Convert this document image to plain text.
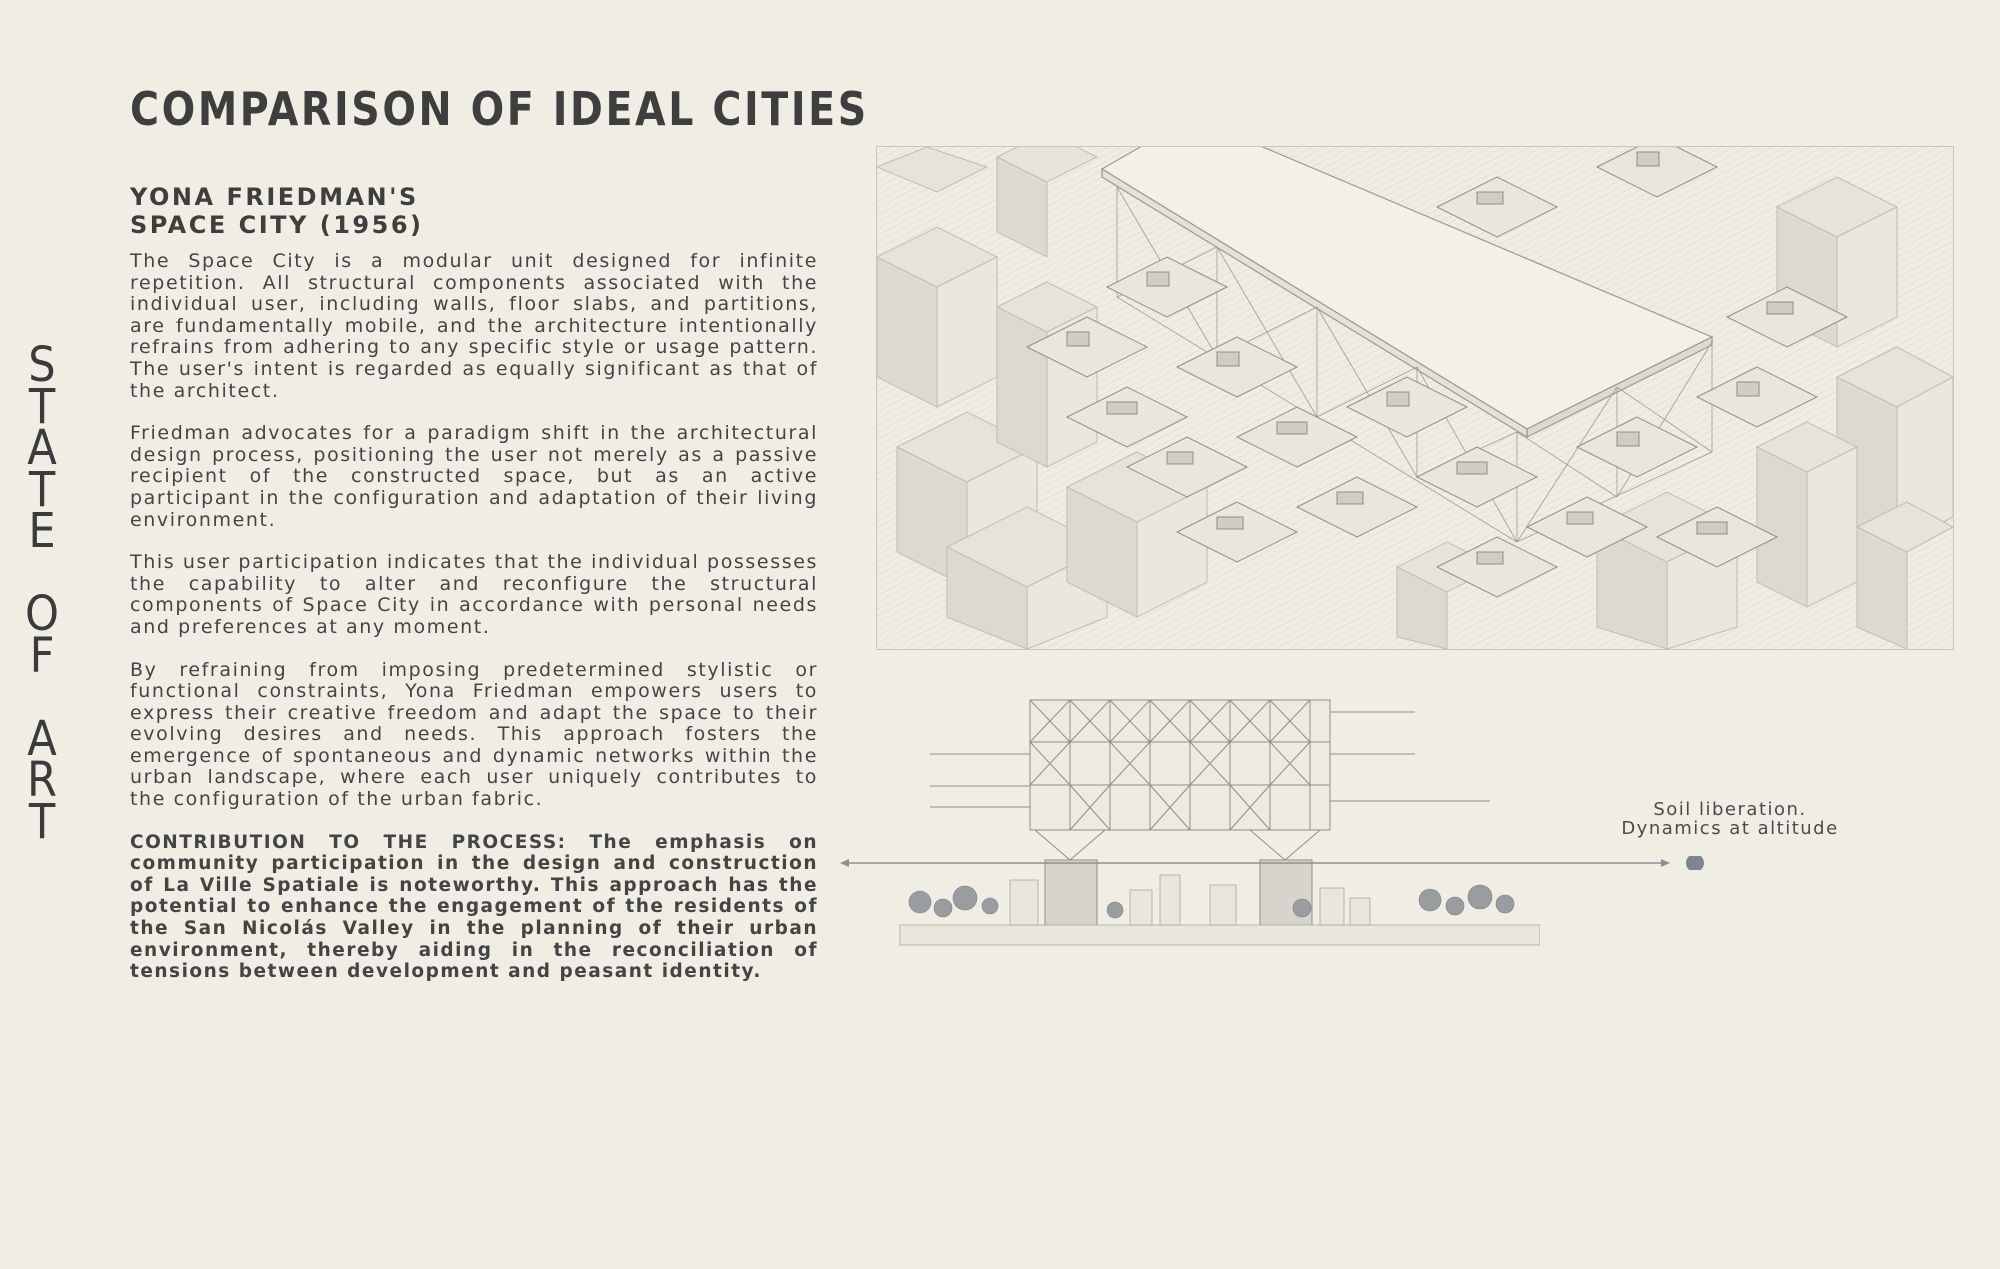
S
T
A
T
E
O
F
A
R
T
COMPARISON OF IDEAL CITIES
YONA FRIEDMAN'S
SPACE CITY (1956)

The Space City is a modular unit designed for infinite repetition. All structural components associated with the individual user, including walls, floor slabs, and partitions, are fundamentally mobile, and the architecture intentionally refrains from adhering to any specific style or usage pattern. The user's intent is regarded as equally significant as that of the architect.

Friedman advocates for a paradigm shift in the architectural design process, positioning the user not merely as a passive recipient of the constructed space, but as an active participant in the configuration and adaptation of their living environment.

This user participation indicates that the individual possesses the capability to alter and reconfigure the structural components of Space City in accordance with personal needs and preferences at any moment.

By refraining from imposing predetermined stylistic or functional constraints, Yona Friedman empowers users to express their creative freedom and adapt the space to their evolving desires and needs. This approach fosters the emergence of spontaneous and dynamic networks within the urban landscape, where each user uniquely contributes to the configuration of the urban fabric.

CONTRIBUTION TO THE PROCESS: The emphasis on community participation in the design and construction of La Ville Spatiale is noteworthy. This approach has the potential to enhance the engagement of the residents of the San Nicolás Valley in the planning of their urban environment, thereby aiding in the reconciliation of tensions between development and peasant identity.

Soil liberation.
Dynamics at altitude
